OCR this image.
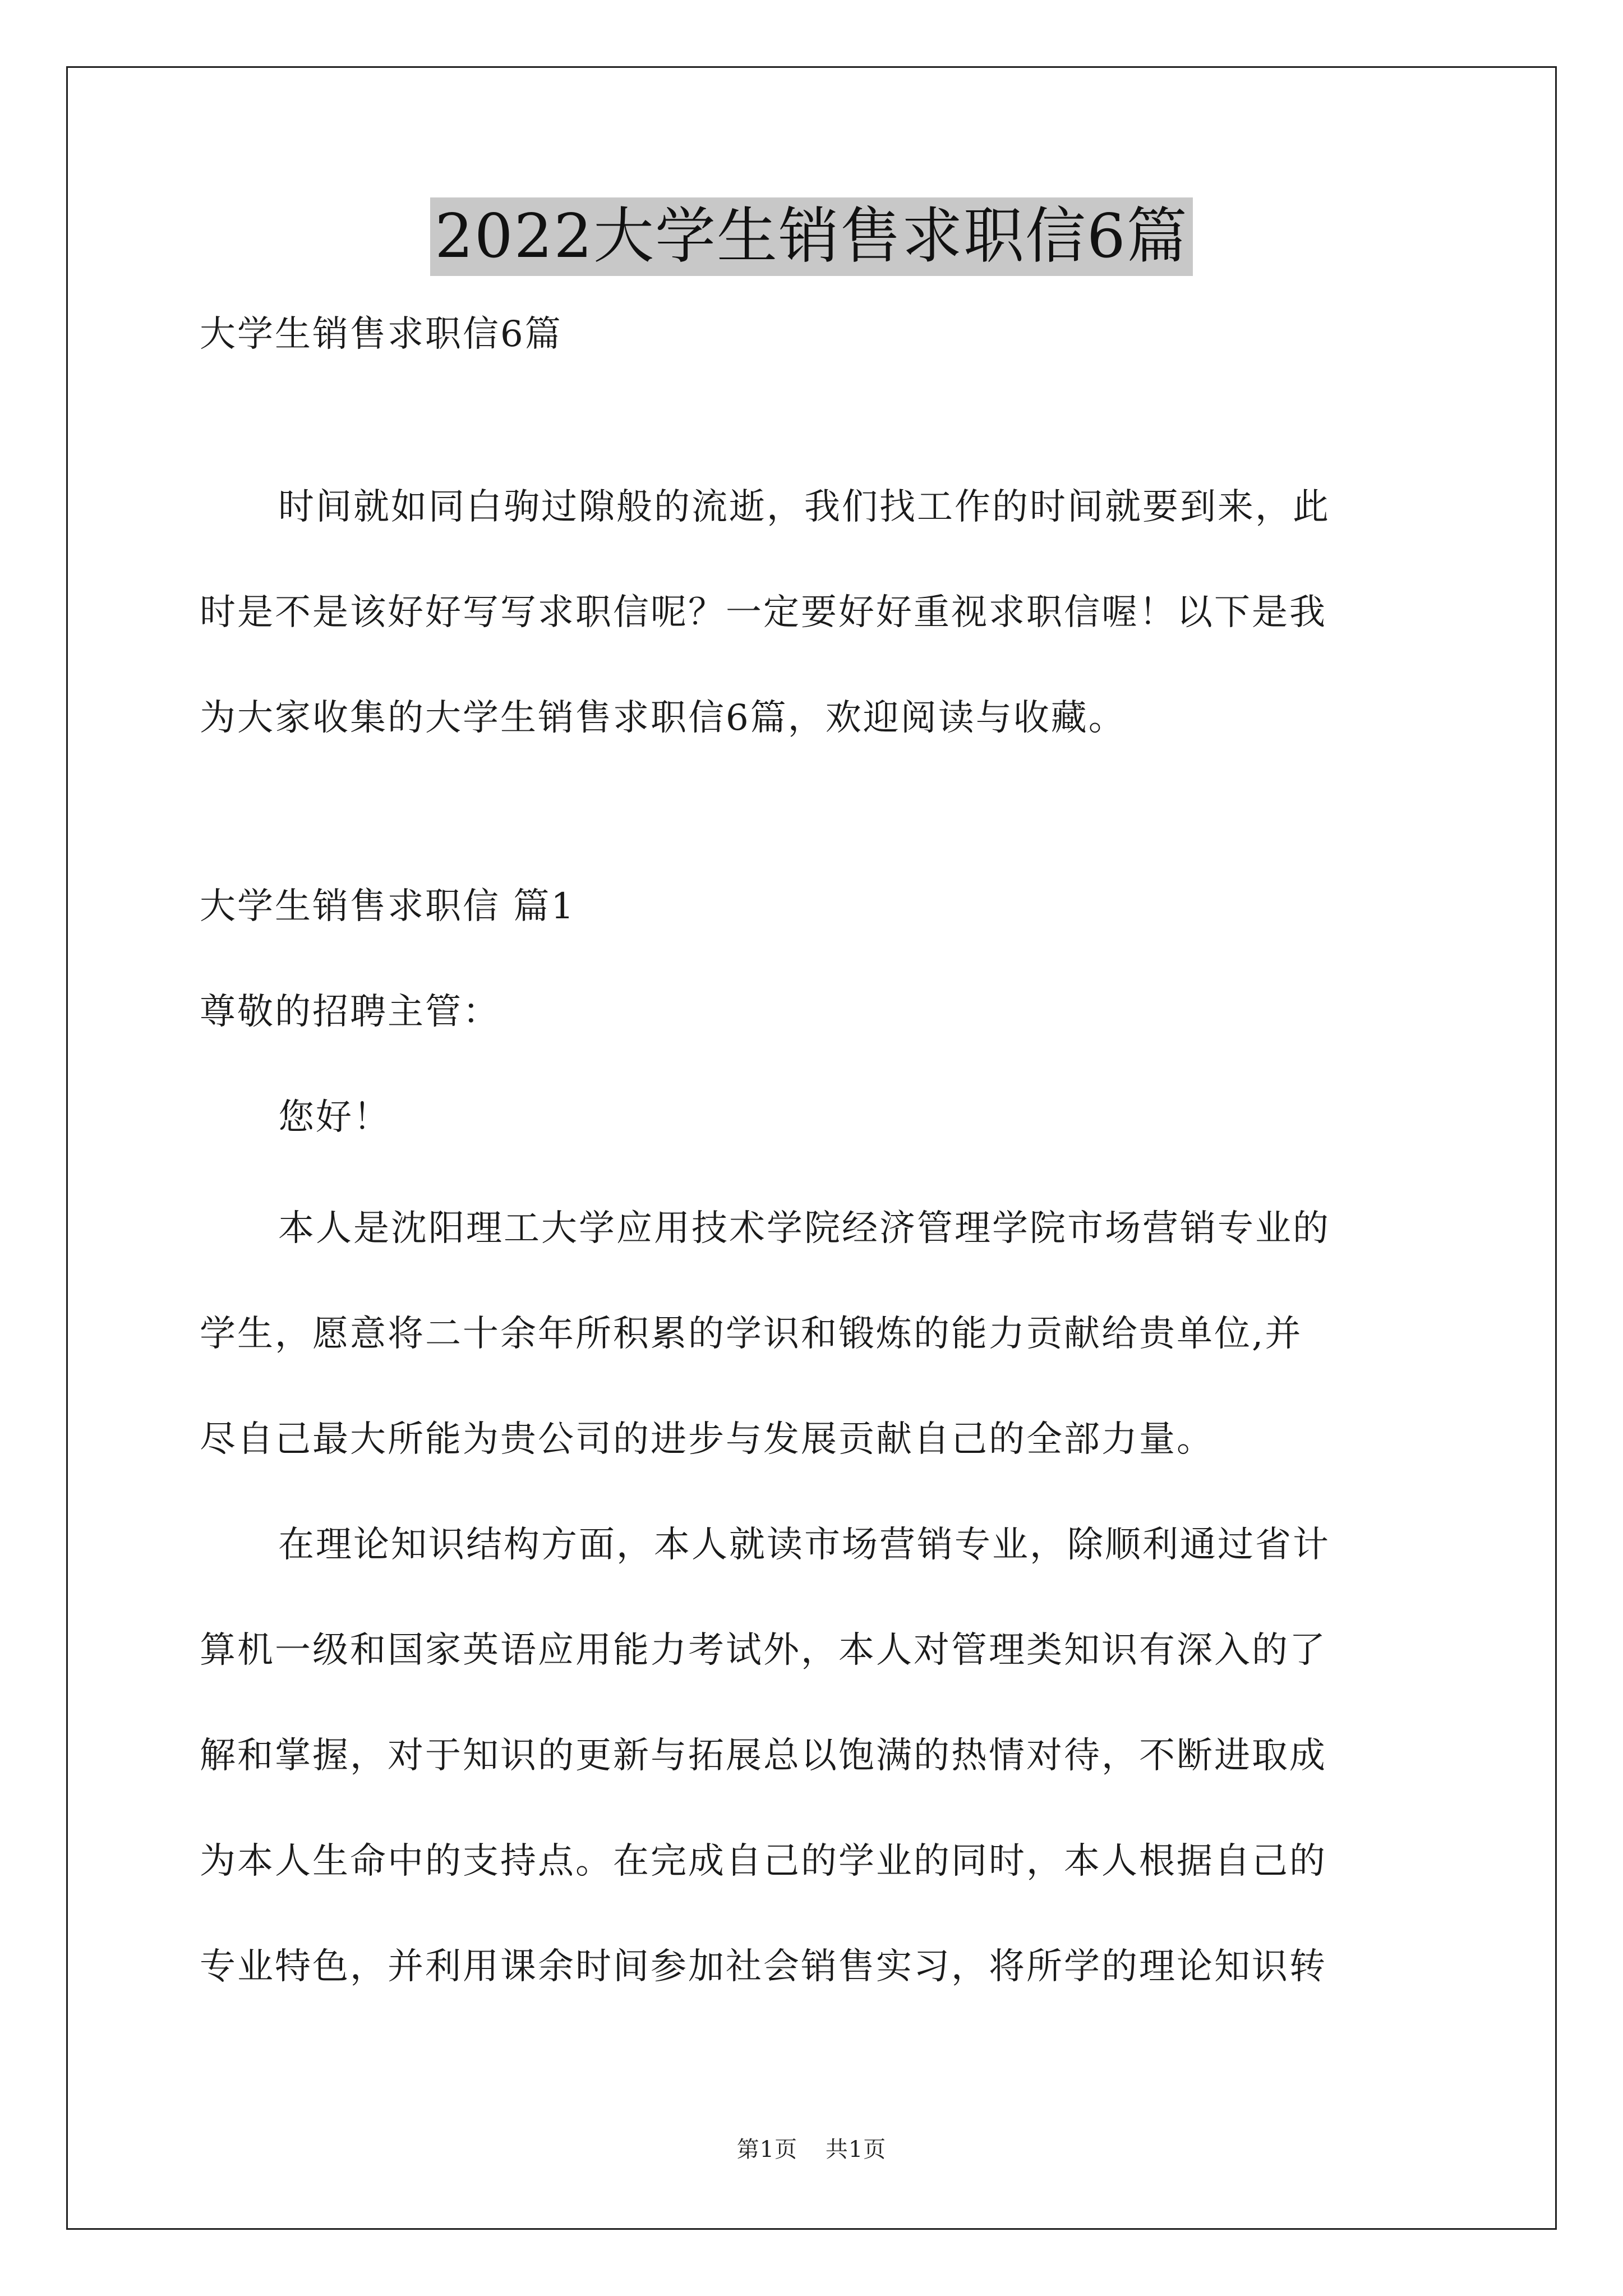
2022大学生销售求职信6篇
大学生销售求职信6篇
时间就如同白驹过隙般的流逝，我们找工作的时间就要到来，此
时是不是该好好写写求职信呢？一定要好好重视求职信喔！以下是我
为大家收集的大学生销售求职信6篇，欢迎阅读与收藏。
大学生销售求职信 篇1
尊敬的招聘主管：
您好！
本人是沈阳理工大学应用技术学院经济管理学院市场营销专业的
学生，愿意将二十余年所积累的学识和锻炼的能力贡献给贵单位,并
尽自己最大所能为贵公司的进步与发展贡献自己的全部力量。
在理论知识结构方面，本人就读市场营销专业，除顺利通过省计
算机一级和国家英语应用能力考试外，本人对管理类知识有深入的了
解和掌握，对于知识的更新与拓展总以饱满的热情对待，不断进取成
为本人生命中的支持点。在完成自己的学业的同时，本人根据自己的
专业特色，并利用课余时间参加社会销售实习，将所学的理论知识转
第1页 共1页
